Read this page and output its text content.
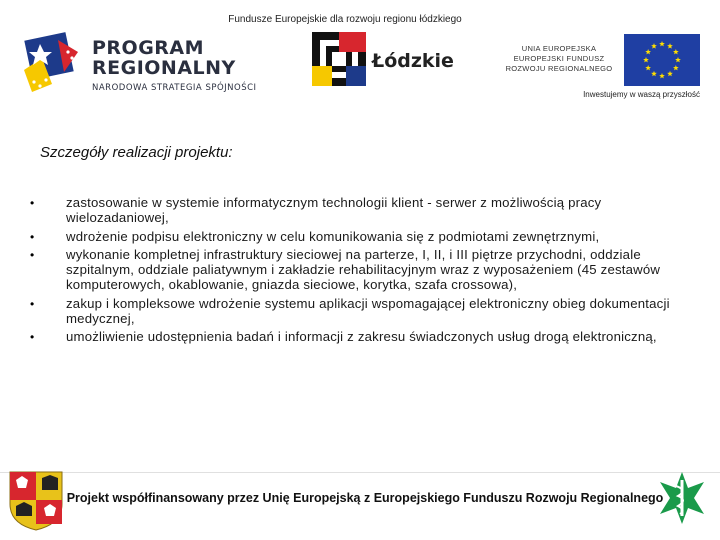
Fundusze Europejskie dla rozwoju regionu łódzkiego
PROGRAM
REGIONALNY
NARODOWA STRATEGIA SPÓJNOŚCI
Łódzkie
UNIA EUROPEJSKA
EUROPEJSKI FUNDUSZ
ROZWOJU REGIONALNEGO
Inwestujemy w waszą przyszłość
Szczegóły realizacji projektu:
• zastosowanie w systemie informatycznym technologii klient - serwer z możliwością pracy wielozadaniowej,
• wdrożenie podpisu elektroniczny w celu komunikowania się z podmiotami zewnętrznymi,
• wykonanie kompletnej infrastruktury sieciowej na parterze, I, II, i III piętrze przychodni, oddziale szpitalnym, oddziale paliatywnym i zakładzie rehabilitacyjnym wraz z wyposażeniem (45 zestawów komputerowych, okablowanie, gniazda sieciowe, korytka, szafa crossowa),
• zakup i kompleksowe wdrożenie systemu aplikacji wspomagającej elektroniczny obieg dokumentacji medycznej,
• umożliwienie udostępnienia badań i informacji z zakresu świadczonych usług drogą elektroniczną,
Projekt współfinansowany przez Unię Europejską z Europejskiego Funduszu Rozwoju Regionalnego
